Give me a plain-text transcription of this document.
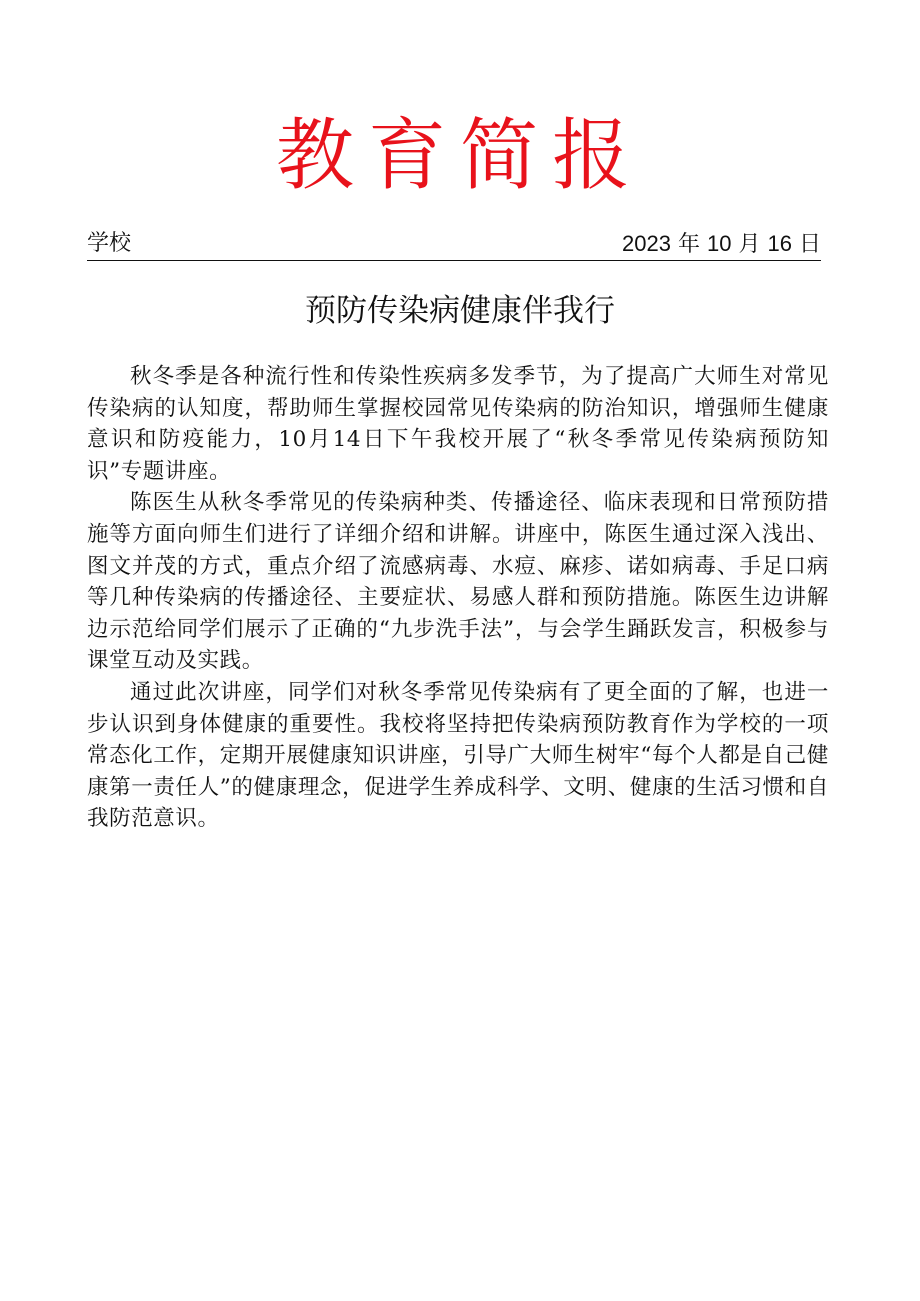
教育简报
学校	2023 年 10 月 16 日
预防传染病健康伴我行

秋冬季是各种流行性和传染性疾病多发季节，为了提高广大师生对常见传染病的认知度，帮助师生掌握校园常见传染病的防治知识，增强师生健康意识和防疫能力，10月14日下午我校开展了“秋冬季常见传染病预防知识”专题讲座。

陈医生从秋冬季常见的传染病种类、传播途径、临床表现和日常预防措施等方面向师生们进行了详细介绍和讲解。讲座中，陈医生通过深入浅出、图文并茂的方式，重点介绍了流感病毒、水痘、麻疹、诺如病毒、手足口病等几种传染病的传播途径、主要症状、易感人群和预防措施。陈医生边讲解边示范给同学们展示了正确的“九步洗手法”，与会学生踊跃发言，积极参与课堂互动及实践。

通过此次讲座，同学们对秋冬季常见传染病有了更全面的了解，也进一步认识到身体健康的重要性。我校将坚持把传染病预防教育作为学校的一项常态化工作，定期开展健康知识讲座，引导广大师生树牢“每个人都是自己健康第一责任人”的健康理念，促进学生养成科学、文明、健康的生活习惯和自我防范意识。
